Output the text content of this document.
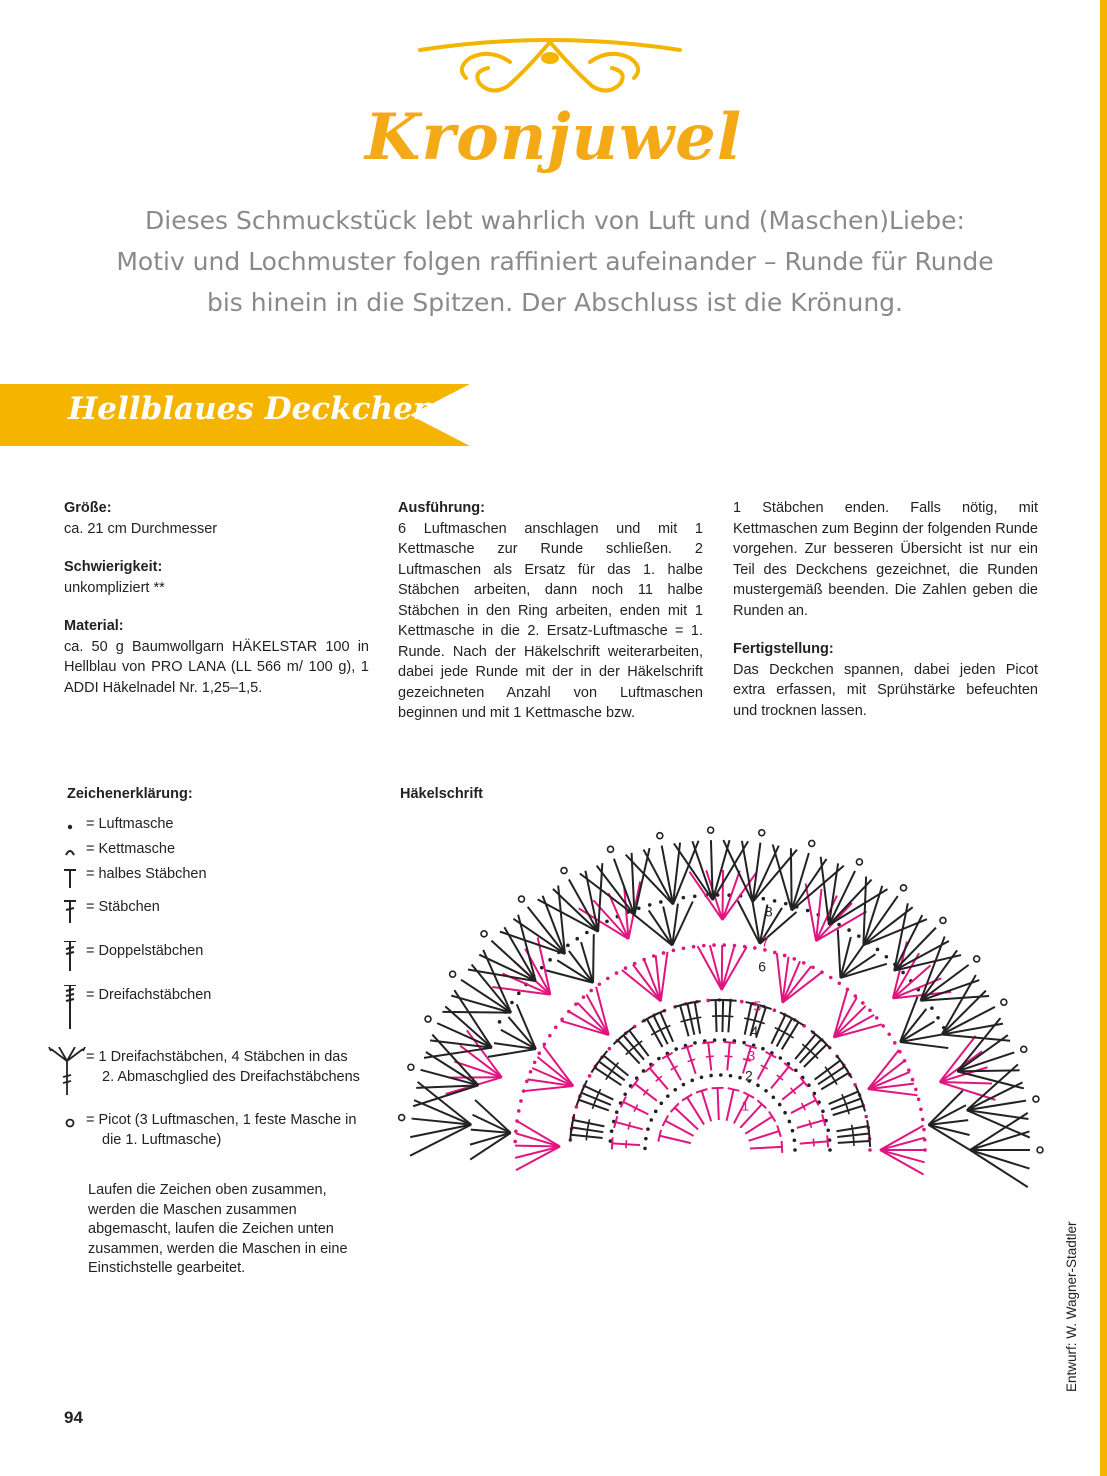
Kronjuwel
Dieses Schmuckstück lebt wahrlich von Luft und (Maschen)Liebe:
Motiv und Lochmuster folgen raffiniert aufeinander – Runde für Runde
bis hinein in die Spitzen. Der Abschluss ist die Krönung.
Hellblaues Deckchen

Größe:

ca. 21 cm Durchmesser

Schwierigkeit:

unkompliziert **

Material:

ca. 50 g Baumwollgarn HÄKELSTAR 100 in Hellblau von PRO LANA (LL 566 m/ 100 g), 1 ADDI Häkelnadel Nr. 1,25–1,5.

Ausführung:

6 Luftmaschen anschlagen und mit 1 Kettmasche zur Runde schließen. 2 Luftmaschen als Ersatz für das 1. halbe Stäbchen arbeiten, dann noch 11 halbe Stäbchen in den Ring arbeiten, enden mit 1 Kettmasche in die 2. Ersatz-Luftmasche = 1. Runde. Nach der Häkelschrift weiterarbeiten, dabei jede Runde mit der in der Häkelschrift gezeichneten Anzahl von Luftmaschen beginnen und mit 1 Kettmasche bzw.

1 Stäbchen enden. Falls nötig, mit Kettmaschen zum Beginn der folgenden Runde vorgehen. Zur besseren Übersicht ist nur ein Teil des Deckchens gezeichnet, die Runden mustergemäß beenden. Die Zahlen geben die Runden an.

Fertigstellung:

Das Deckchen spannen, dabei jeden Picot extra erfassen, mit Sprühstärke befeuchten und trocknen lassen.

Zeichenerklärung:
= Luftmasche
= Kettmasche
= halbes Stäbchen
= Stäbchen
= Doppelstäbchen
= Dreifachstäbchen
= 1 Dreifachstäbchen, 4 Stäbchen in das
2. Abmaschglied des Dreifachstäbchens
= Picot (3 Luftmaschen, 1 feste Masche in
die 1. Luftmasche)
Laufen die Zeichen oben zusammen, werden die Maschen zusammen abgemascht, laufen die Zeichen unten zusammen, werden die Maschen in eine Einstichstelle gearbeitet.
Häkelschrift
1
2
3
4
5
6
7
8
Entwurf: W. Wagner-Stadtler
94
